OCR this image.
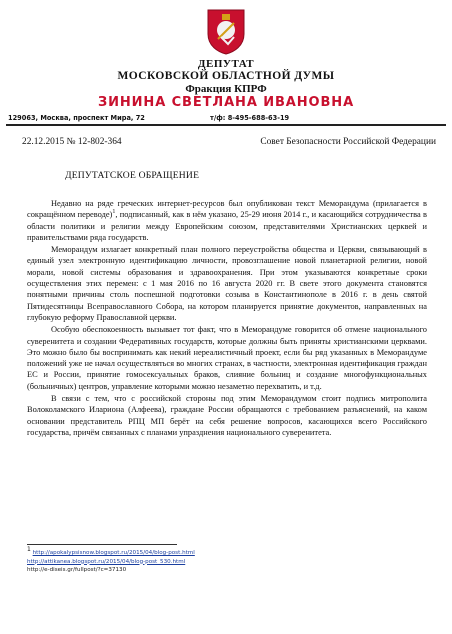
ДЕПУТАТ
МОСКОВСКОЙ ОБЛАСТНОЙ ДУМЫ
Фракция КПРФ
ЗИНИНА СВЕТЛАНА ИВАНОВНА
129063, Москва, проспект Мира, 72	т/ф: 8-495-688-63-19
22.12.2015 № 12-802-364	Совет Безопасности Российской Федерации
ДЕПУТАТСКОЕ ОБРАЩЕНИЕ

Недавно на ряде греческих интернет-ресурсов был опубликован текст Меморандума (прилагается в сокращённом переводе)$^1$, подписанный, как в нём указано, 25-29 июня 2014 г., и касающийся сотрудничества в области политики и религии между Европейским союзом, представителями Христианских церквей и правительствами ряда государств.

Меморандум излагает конкретный план полного переустройства общества и Церкви, связывающий в единый узел электронную идентификацию личности, провозглашение новой планетарной религии, новой морали, новой системы образования и здравоохранения. При этом указываются конкретные сроки осуществления этих перемен: с 1 мая 2016 по 16 августа 2020 гг. В свете этого документа становятся понятными причины столь поспешной подготовки созыва в Константинополе в 2016 г. в день святой Пятидесятницы Всеправославного Собора, на котором планируется принятие документов, направленных на глубокую реформу Православной церкви.

Особую обеспокоенность вызывает тот факт, что в Меморандуме говорится об отмене национального суверенитета и создании Федеративных государств, которые должны быть приняты христианскими церквами. Это можно было бы воспринимать как некий нереалистичный проект, если бы ряд указанных в Меморандуме положений уже не начал осуществляться во многих странах, в частности, электронная идентификация граждан ЕС и России, принятие гомосексуальных браков, слияние больниц и создание многофункциональных (больничных) центров, управление которыми можно незаметно перехватить, и т.д.

В связи с тем, что с российской стороны под этим Меморандумом стоит подпись митрополита Волоколамского Илариона (Алфеева), граждане России обращаются с требованием разъяснений, на каком основании представитель РПЦ МП берёт на себя решение вопросов, касающихся всего Российского государства, причём связанных с планами упразднения национального суверенитета.

$^1$ http://apokalypsisnow.blogspot.ru/2015/04/blog-post.html
http://attikanea.blogspot.ru/2015/04/blog-post_530.html
http://e-diseis.gr/fullpost/?c=37130
